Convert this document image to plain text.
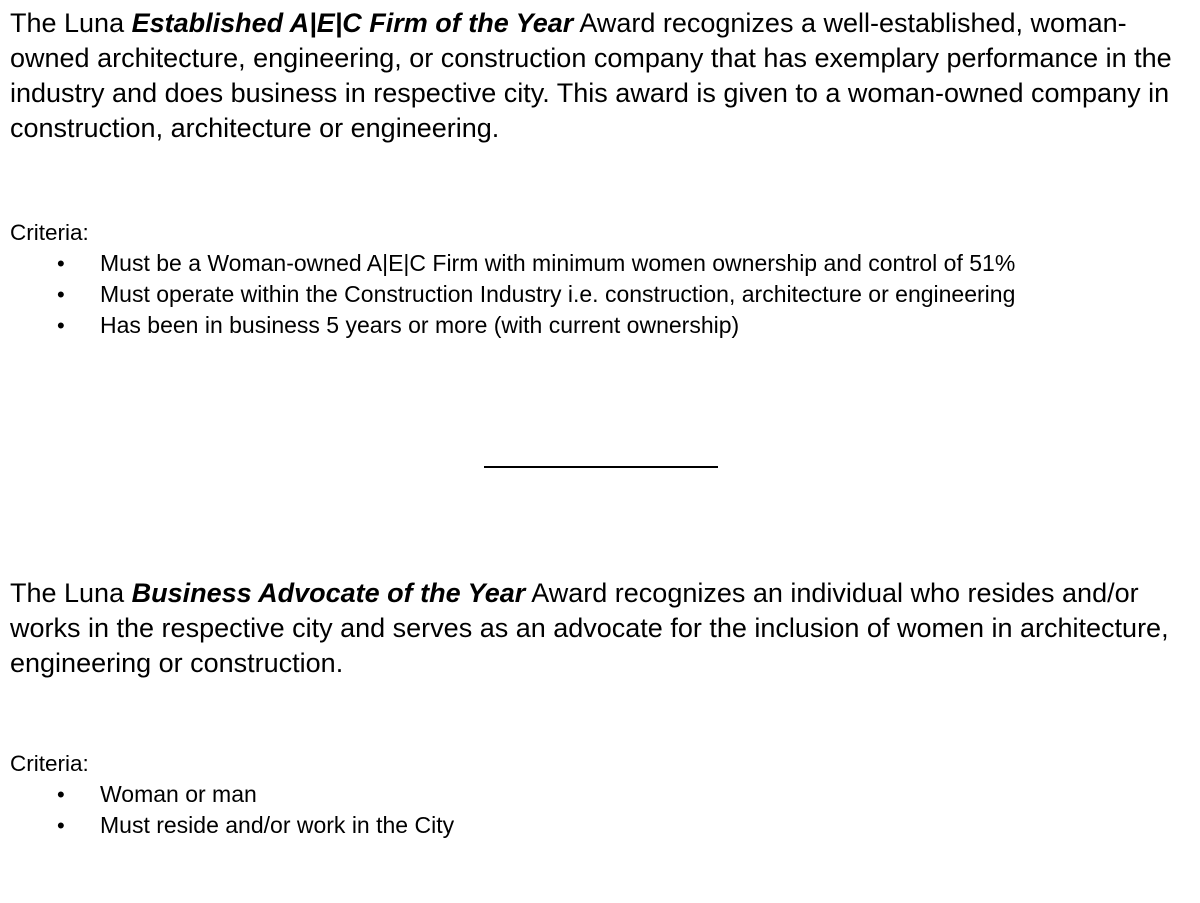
The Luna Established A|E|C Firm of the Year Award recognizes a well-established, woman-owned architecture, engineering, or construction company that has exemplary performance in the industry and does business in respective city. This award is given to a woman-owned company in construction, architecture or engineering.

Criteria:

• Must be a Woman-owned A|E|C Firm with minimum women ownership and control of 51%
• Must operate within the Construction Industry i.e. construction, architecture or engineering
• Has been in business 5 years or more (with current ownership)

The Luna Business Advocate of the Year Award recognizes an individual who resides and/or works in the respective city and serves as an advocate for the inclusion of women in architecture, engineering or construction.

Criteria:

• Woman or man
• Must reside and/or work in the City
